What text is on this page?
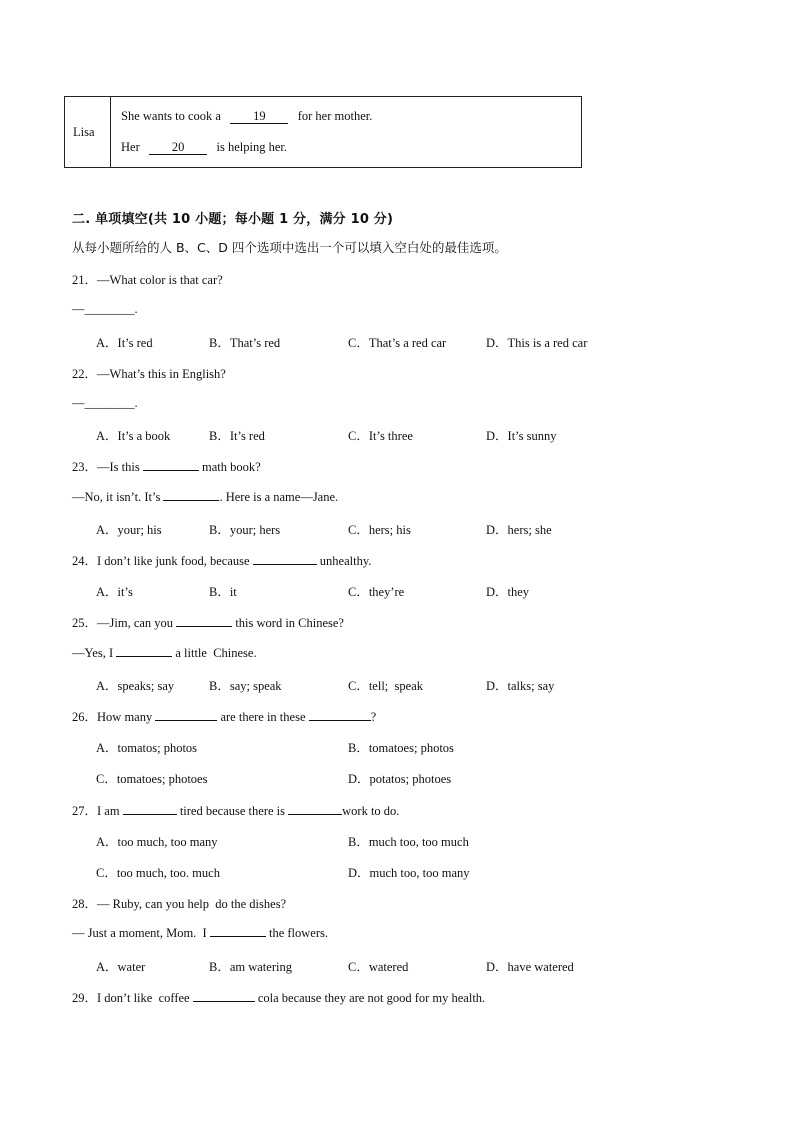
Lisa
She wants to cook a	19	for her mother.
Her	20	is helping her.
二. 单项填空(共 10 小题；每小题 1 分，满分 10 分)
从每小题所给的人 B、C、D 四个选项中选出一个可以填入空白处的最佳选项。
21．—What color is that car?
—________.
A．It’s red	B．That’s red	C．That’s a red car	D．This is a red car
22．—What’s this in English?
—________.
A．It’s a book	B．It’s red	C．It’s three	D．It’s sunny
23．—Is this	math book?
—No, it isn’t. It’s	. Here is a name—Jane.
A．your; his	B．your; hers	C．hers; his	D．hers; she
24．I don’t like junk food, because	unhealthy.
A．it’s	B．it	C．they’re	D．they
25．—Jim, can you	this word in Chinese?
—Yes, I	a little  Chinese.
A．speaks; say	B．say; speak	C．tell;  speak	D．talks; say
26．How many	are there in these	?
A．tomatos; photos	B．tomatoes; photos
C．tomatoes; photoes	D．potatos; photoes
27．I am	tired because there is	work to do.
A．too much, too many	B．much too, too much
C．too much, too. much	D．much too, too many
28．— Ruby, can you help  do the dishes?
— Just a moment, Mom.  I	the flowers.
A．water	B．am watering	C．watered	D．have watered
29．I don’t like  coffee	cola because they are not good for my health.
